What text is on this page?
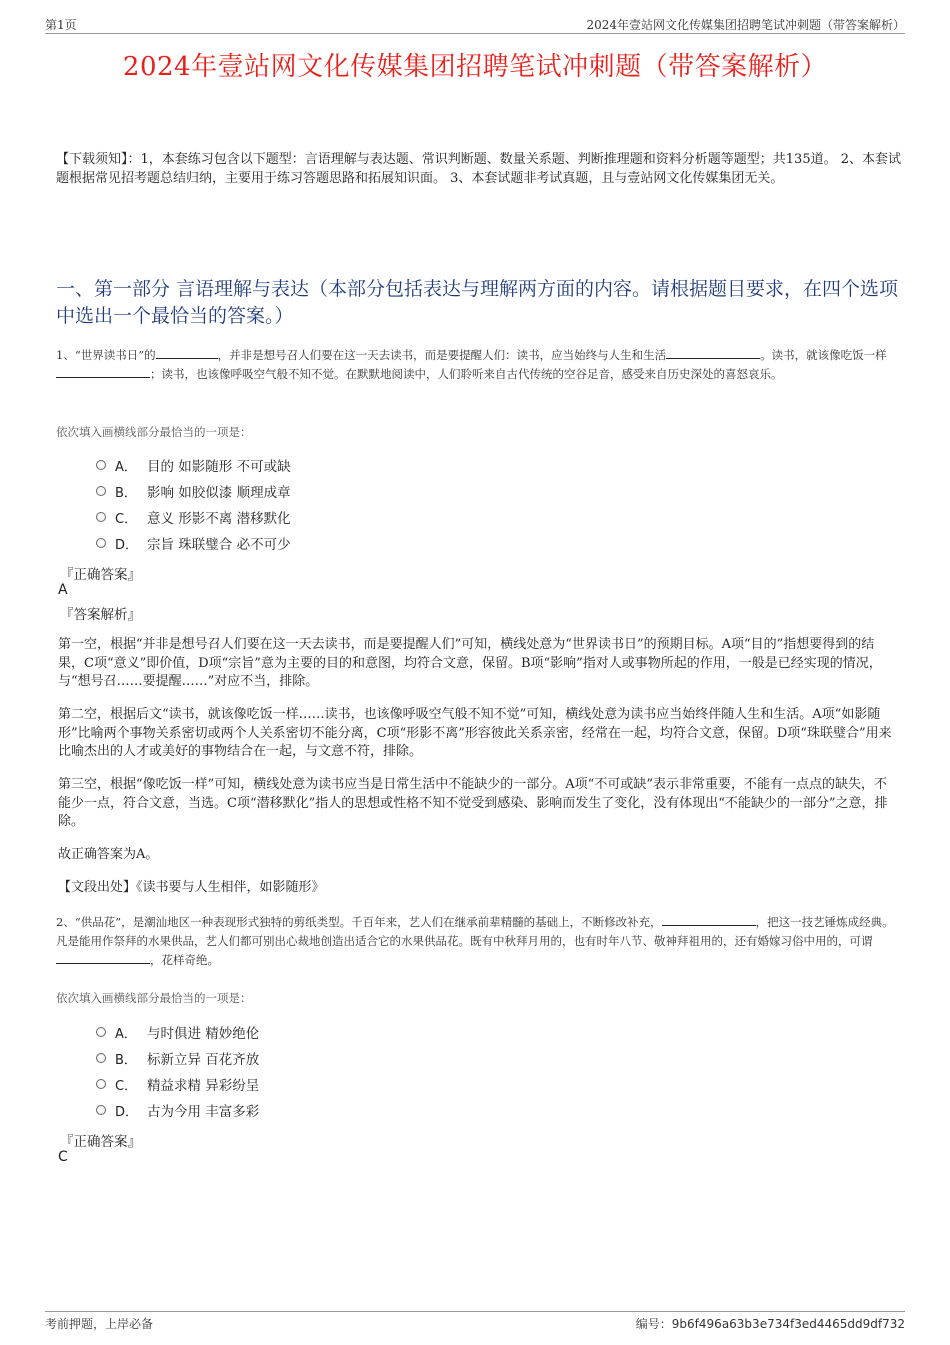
第1页	2024年壹站网文化传媒集团招聘笔试冲刺题（带答案解析）
2024年壹站网文化传媒集团招聘笔试冲刺题（带答案解析）
【下载须知】：1，本套练习包含以下题型：言语理解与表达题、常识判断题、数量关系题、判断推理题和资料分析题等题型；共135道。 2、本套试题根据常见招考题总结归纳，主要用于练习答题思路和拓展知识面。 3、本套试题非考试真题，且与壹站网文化传媒集团无关。
一、第一部分 言语理解与表达（本部分包括表达与理解两方面的内容。请根据题目要求，在四个选项中选出一个最恰当的答案。）
1、“世界读书日”的	，并非是想号召人们要在这一天去读书，而是要提醒人们：读书，应当始终与人生和生活	。读书，就该像吃饭一样；读书，也该像呼吸空气般不知不觉。在默默地阅读中，人们聆听来自古代传统的空谷足音，感受来自历史深处的喜怒哀乐。
依次填入画横线部分最恰当的一项是：
A． 目的 如影随形 不可或缺
B． 影响 如胶似漆 顺理成章
C． 意义 形影不离 潜移默化
D． 宗旨 珠联璧合 必不可少
『正确答案』
A
『答案解析』
第一空，根据“并非是想号召人们要在这一天去读书，而是要提醒人们”可知，横线处意为“世界读书日”的预期目标。A项“目的”指想要得到的结果，C项“意义”即价值，D项“宗旨”意为主要的目的和意图，均符合文意，保留。B项“影响”指对人或事物所起的作用，一般是已经实现的情况，与“想号召……要提醒……”对应不当，排除。
第二空，根据后文“读书，就该像吃饭一样……读书，也该像呼吸空气般不知不觉”可知，横线处意为读书应当始终伴随人生和生活。A项“如影随形”比喻两个事物关系密切或两个人关系密切不能分离，C项“形影不离”形容彼此关系亲密，经常在一起，均符合文意，保留。D项“珠联璧合”用来比喻杰出的人才或美好的事物结合在一起，与文意不符，排除。
第三空，根据“像吃饭一样”可知，横线处意为读书应当是日常生活中不能缺少的一部分。A项“不可或缺”表示非常重要，不能有一点点的缺失，不能少一点，符合文意，当选。C项“潜移默化”指人的思想或性格不知不觉受到感染、影响而发生了变化，没有体现出“不能缺少的一部分”之意，排除。
故正确答案为A。
【文段出处】《读书要与人生相伴，如影随形》
2、“供品花”，是潮汕地区一种表现形式独特的剪纸类型。千百年来，艺人们在继承前辈精髓的基础上，不断修改补充，	，把这一技艺锤炼成经典。凡是能用作祭拜的水果供品，艺人们都可别出心裁地创造出适合它的水果供品花。既有中秋拜月用的，也有时年八节、敬神拜祖用的，还有婚嫁习俗中用的，可谓，花样奇绝。
依次填入画横线部分最恰当的一项是：
A． 与时俱进 精妙绝伦
B． 标新立异 百花齐放
C． 精益求精 异彩纷呈
D． 古为今用 丰富多彩
『正确答案』
C
考前押题，上岸必备	编号：9b6f496a63b3e734f3ed4465dd9df732
